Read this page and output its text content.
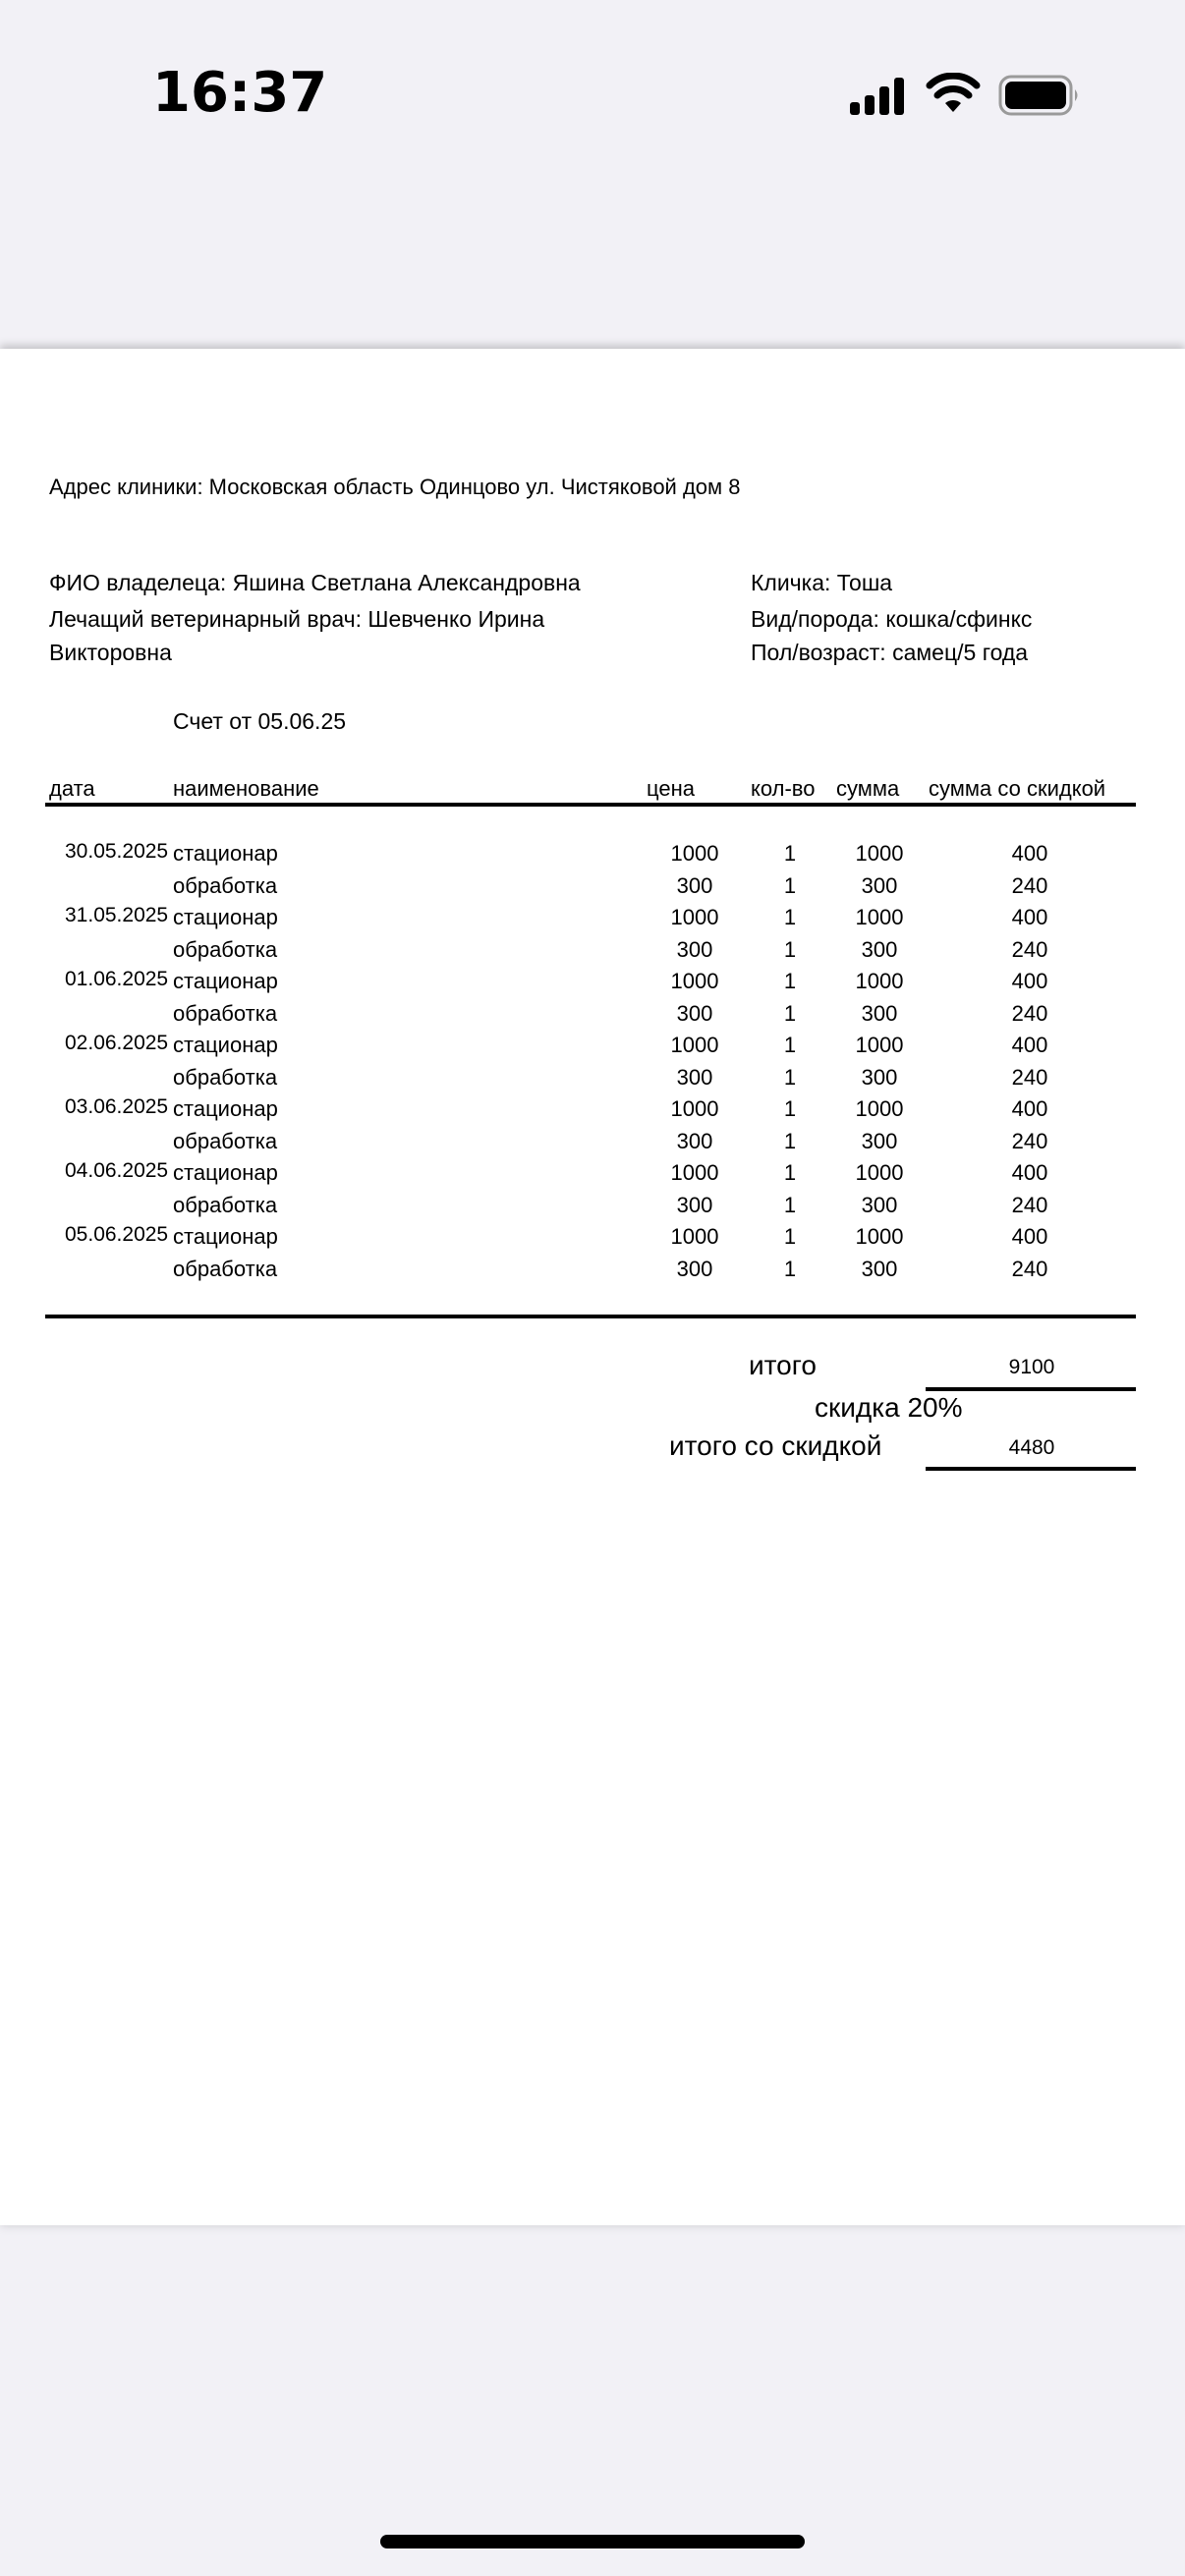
16:37
Адрес клиники: Московская область Одинцово ул. Чистяковой дом 8
ФИО владелеца: Яшина Светлана Александровна
Лечащий ветеринарный врач: Шевченко Ирина
Викторовна
Кличка: Тоша
Вид/порода: кошка/сфинкс
Пол/возраст: самец/5 года
Счет от 05.06.25
дата	наименование	цена	кол-во сумма сумма со скидкой
30.05.2025 стационар	1000	1	1000	400
обработка	300	1	300	240
31.05.2025 стационар	1000	1	1000	400
обработка	300	1	300	240
01.06.2025 стационар	1000	1	1000	400
обработка	300	1	300	240
02.06.2025 стационар	1000	1	1000	400
обработка	300	1	300	240
03.06.2025 стационар	1000	1	1000	400
обработка	300	1	300	240
04.06.2025 стационар	1000	1	1000	400
обработка	300	1	300	240
05.06.2025 стационар	1000	1	1000	400
обработка	300	1	300	240
итого	9100
скидка 20%
итого со скидкой	4480
